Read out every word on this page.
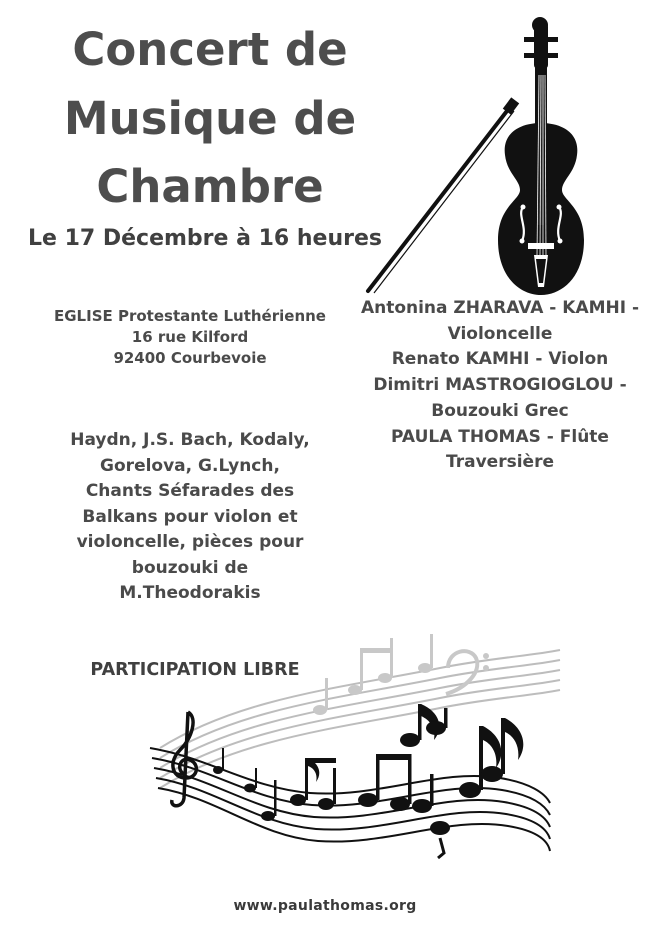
Concert de
Musique de
Chambre
Le 17 Décembre à 16 heures
EGLISE Protestante Luthérienne
16 rue Kilford
92400 Courbevoie
Antonina ZHARAVA - KAMHI -
Violoncelle
Renato KAMHI - Violon
Dimitri MASTROGIOGLOU -
Bouzouki Grec
PAULA THOMAS - Flûte
Traversière
Haydn, J.S. Bach, Kodaly,
Gorelova, G.Lynch,
Chants Séfarades des
Balkans pour violon et
violoncelle, pièces pour
bouzouki de
M.Theodorakis
PARTICIPATION LIBRE
www.paulathomas.org
